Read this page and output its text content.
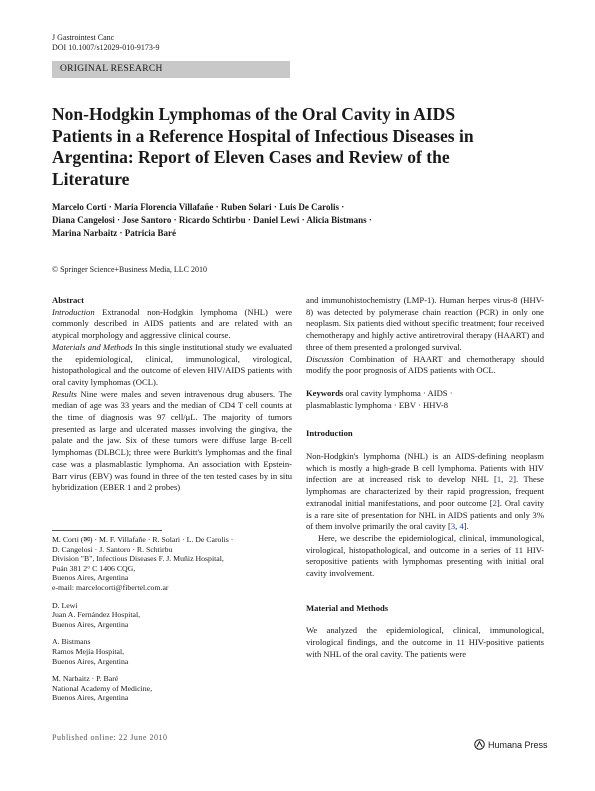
J Gastrointest Canc
DOI 10.1007/s12029-010-9173-9
ORIGINAL RESEARCH
Non-Hodgkin Lymphomas of the Oral Cavity in AIDS Patients in a Reference Hospital of Infectious Diseases in Argentina: Report of Eleven Cases and Review of the Literature
Marcelo Corti · Maria Florencia Villafañe · Ruben Solari · Luis De Carolis ·
Diana Cangelosi · Jose Santoro · Ricardo Schtirbu · Daniel Lewi · Alicia Bistmans ·
Marina Narbaitz · Patricia Baré
© Springer Science+Business Media, LLC 2010
Abstract

Introduction Extranodal non-Hodgkin lymphoma (NHL) were commonly described in AIDS patients and are related with an atypical morphology and aggressive clinical course.

Materials and Methods In this single institutional study we evaluated the epidemiological, clinical, immunological, virological, histopathological and the outcome of eleven HIV/AIDS patients with oral cavity lymphomas (OCL).

Results Nine were males and seven intravenous drug abusers. The median of age was 33 years and the median of CD4 T cell counts at the time of diagnosis was 97 cell/μL. The majority of tumors presented as large and ulcerated masses involving the gingiva, the palate and the jaw. Six of these tumors were diffuse large B-cell lymphomas (DLBCL); three were Burkitt's lymphomas and the final case was a plasmablastic lymphoma. An association with Epstein-Barr virus (EBV) was found in three of the ten tested cases by in situ hybridization (EBER 1 and 2 probes)

M. Corti (✉) · M. F. Villafañe · R. Solari · L. De Carolis ·
D. Cangelosi · J. Santoro · R. Schtirbu
Division "B", Infectious Diseases F. J. Muñiz Hospital,
Puán 381 2° C 1406 CQG,
Buenos Aires, Argentina
e-mail: marcelocorti@fibertel.com.ar
D. Lewi
Juan A. Fernández Hospital,
Buenos Aires, Argentina
A. Bistmans
Ramos Mejía Hospital,
Buenos Aires, Argentina
M. Narbaitz · P. Baré
National Academy of Medicine,
Buenos Aires, Argentina

and immunohistochemistry (LMP-1). Human herpes virus-8 (HHV-8) was detected by polymerase chain reaction (PCR) in only one neoplasm. Six patients died without specific treatment; four received chemotherapy and highly active antiretroviral therapy (HAART) and three of them presented a prolonged survival.

Discussion Combination of HAART and chemotherapy should modify the poor prognosis of AIDS patients with OCL.

Keywords oral cavity lymphoma · AIDS ·
plasmablastic lymphoma · EBV · HHV-8

Introduction

Non-Hodgkin's lymphoma (NHL) is an AIDS-defining neoplasm which is mostly a high-grade B cell lymphoma. Patients with HIV infection are at increased risk to develop NHL [1, 2]. These lymphomas are characterized by their rapid progression, frequent extranodal initial manifestations, and poor outcome [2]. Oral cavity is a rare site of presentation for NHL in AIDS patients and only 3% of them involve primarily the oral cavity [3, 4].

Here, we describe the epidemiological, clinical, immunological, virological, histopathological, and outcome in a series of 11 HIV-seropositive patients with lymphomas presenting with initial oral cavity involvement.

Material and Methods

We analyzed the epidemiological, clinical, immunological, virological findings, and the outcome in 11 HIV-positive patients with NHL of the oral cavity. The patients were

Published online: 22 June 2010
Humana Press
